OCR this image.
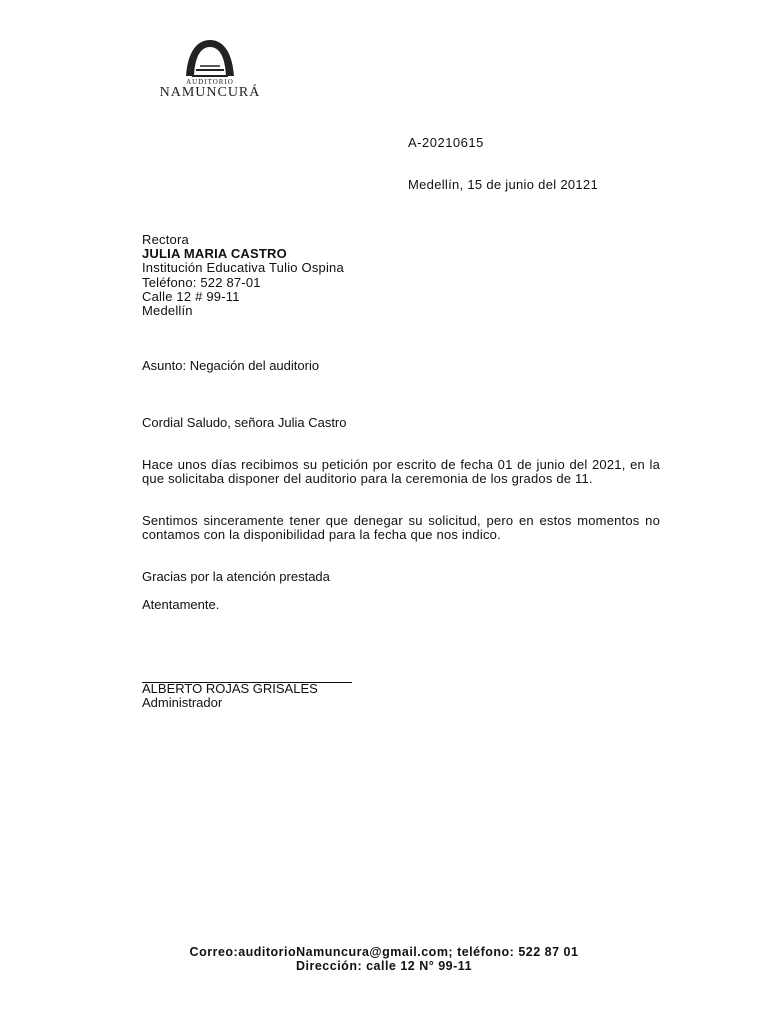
AUDITORIO
NAMUNCURÁ
A-20210615
Medellín, 15 de junio del 20121
Rectora
JULIA MARIA CASTRO
Institución Educativa Tulio Ospina
Teléfono: 522 87-01
Calle 12 # 99-11
Medellín
Asunto: Negación del auditorio
Cordial Saludo, señora Julia Castro
Hace unos días recibimos su petición por escrito de fecha 01 de junio del 2021, en la que solicitaba disponer del auditorio para la ceremonia de los grados de 11.
Sentimos sinceramente tener que denegar su solicitud, pero en estos momentos no contamos con la disponibilidad para la fecha que nos indico.
Gracias por la atención prestada
Atentamente.
ALBERTO ROJAS GRISALES
Administrador
Correo:auditorioNamuncura@gmail.com; teléfono: 522 87 01
Dirección: calle 12 N° 99-11
